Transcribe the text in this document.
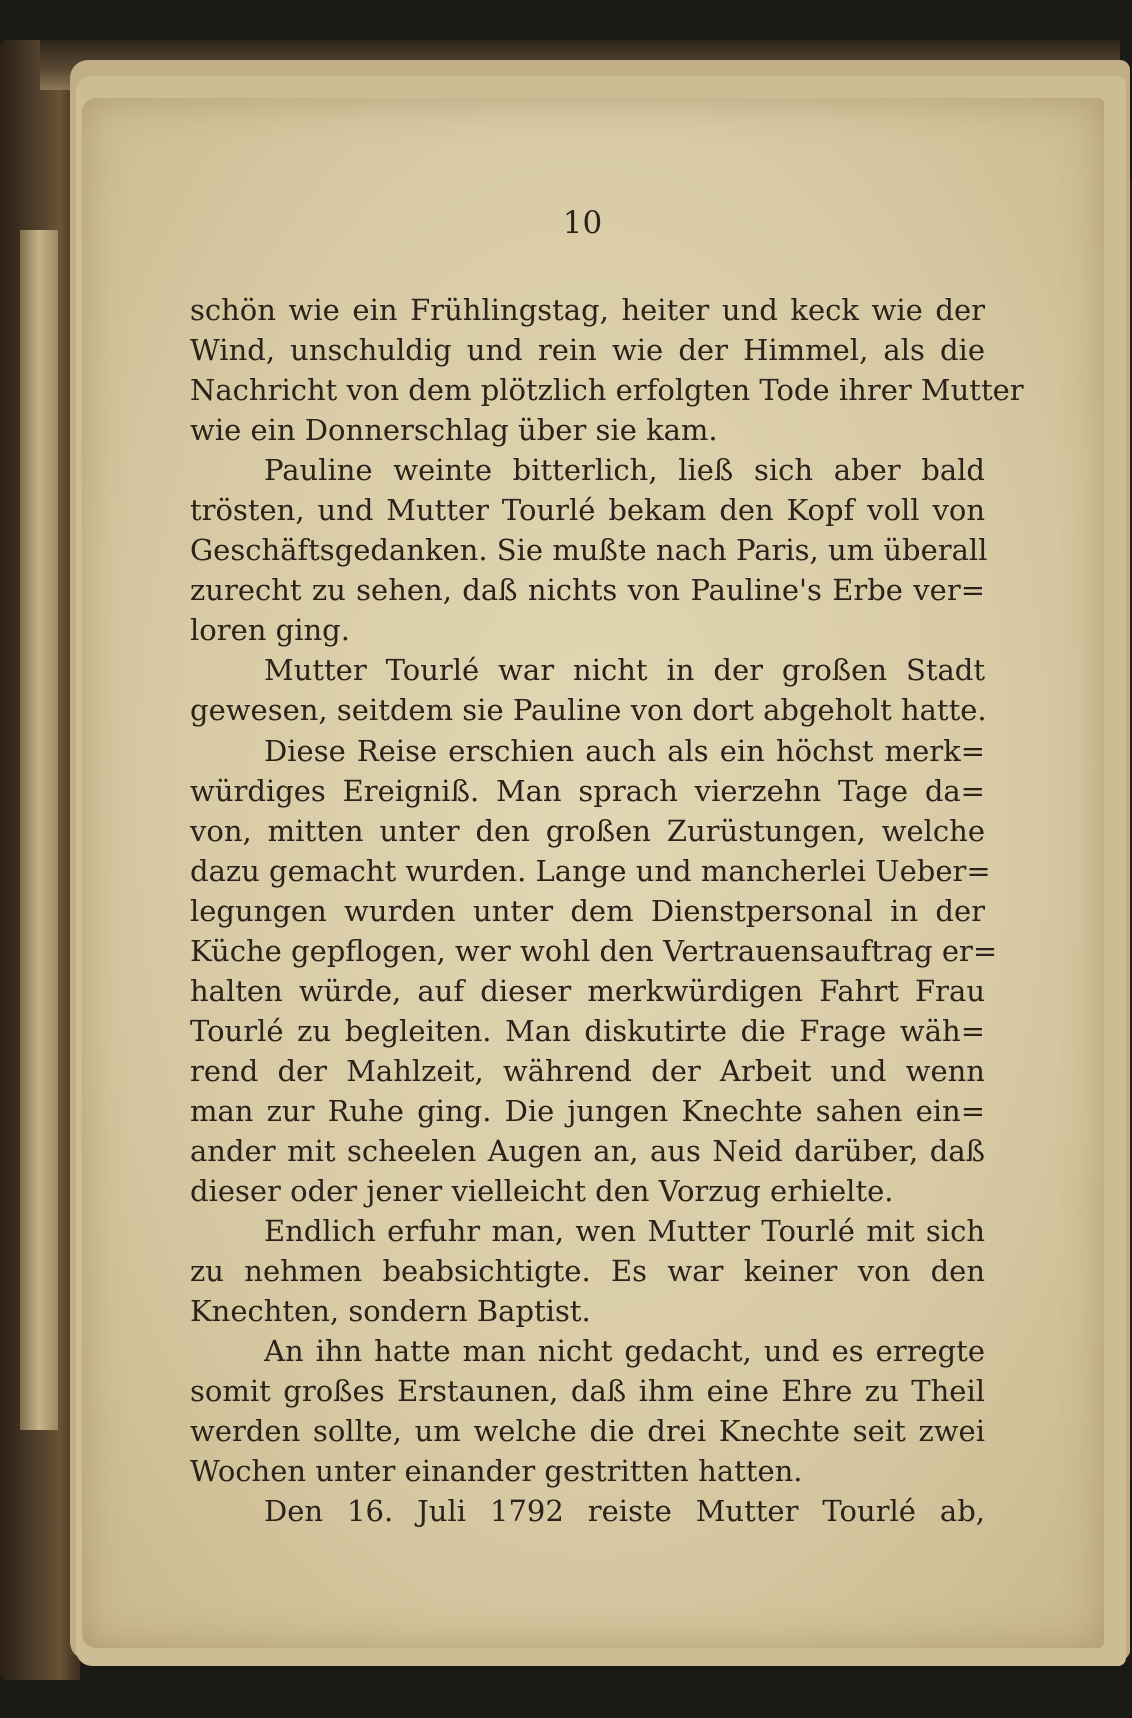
10
schön wie ein Frühlingstag, heiter und keck wie der
Wind, unschuldig und rein wie der Himmel, als die
Nachricht von dem plötzlich erfolgten Tode ihrer Mutter
wie ein Donnerschlag über sie kam.
Pauline weinte bitterlich, ließ sich aber bald
trösten, und Mutter Tourlé bekam den Kopf voll von
Geschäftsgedanken. Sie mußte nach Paris, um überall
zurecht zu sehen, daß nichts von Pauline's Erbe ver=
loren ging.
Mutter Tourlé war nicht in der großen Stadt
gewesen, seitdem sie Pauline von dort abgeholt hatte.
Diese Reise erschien auch als ein höchst merk=
würdiges Ereigniß. Man sprach vierzehn Tage da=
von, mitten unter den großen Zurüstungen, welche
dazu gemacht wurden. Lange und mancherlei Ueber=
legungen wurden unter dem Dienstpersonal in der
Küche gepflogen, wer wohl den Vertrauensauftrag er=
halten würde, auf dieser merkwürdigen Fahrt Frau
Tourlé zu begleiten. Man diskutirte die Frage wäh=
rend der Mahlzeit, während der Arbeit und wenn
man zur Ruhe ging. Die jungen Knechte sahen ein=
ander mit scheelen Augen an, aus Neid darüber, daß
dieser oder jener vielleicht den Vorzug erhielte.
Endlich erfuhr man, wen Mutter Tourlé mit sich
zu nehmen beabsichtigte. Es war keiner von den
Knechten, sondern Baptist.
An ihn hatte man nicht gedacht, und es erregte
somit großes Erstaunen, daß ihm eine Ehre zu Theil
werden sollte, um welche die drei Knechte seit zwei
Wochen unter einander gestritten hatten.
Den 16. Juli 1792 reiste Mutter Tourlé ab,
